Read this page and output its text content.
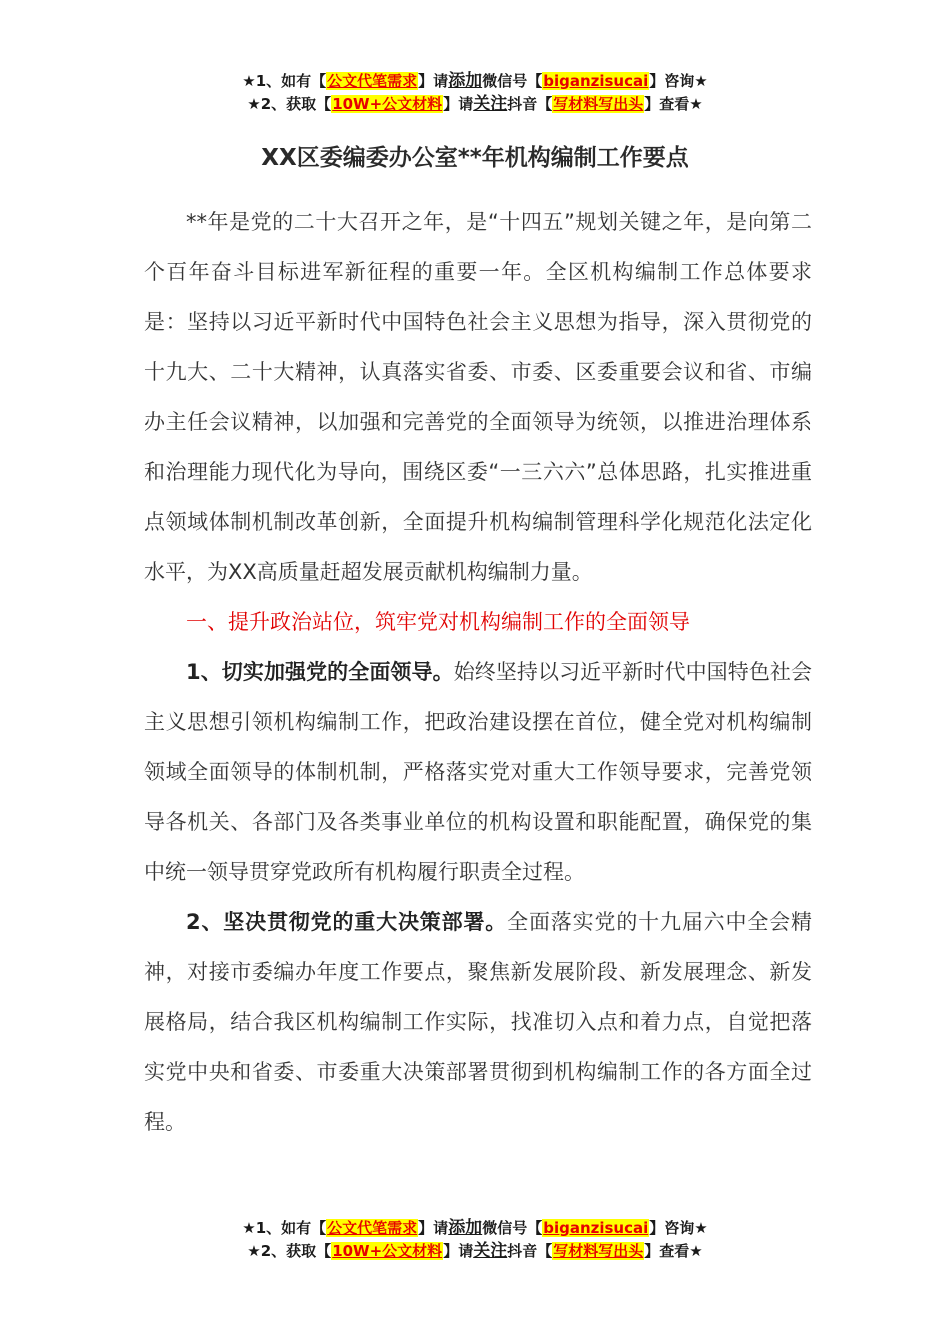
★1、如有【公文代笔需求】请添加微信号【biganzisucai】咨询★
★2、获取【10W+公文材料】请关注抖音【写材料写出头】查看★
XX区委编委办公室**年机构编制工作要点

**年是党的二十大召开之年，是“十四五”规划关键之年，是向第二个百年奋斗目标进军新征程的重要一年。全区机构编制工作总体要求是：坚持以习近平新时代中国特色社会主义思想为指导，深入贯彻党的十九大、二十大精神，认真落实省委、市委、区委重要会议和省、市编办主任会议精神，以加强和完善党的全面领导为统领，以推进治理体系和治理能力现代化为导向，围绕区委“一三六六”总体思路，扎实推进重点领域体制机制改革创新，全面提升机构编制管理科学化规范化法定化水平，为XX高质量赶超发展贡献机构编制力量。

一、提升政治站位，筑牢党对机构编制工作的全面领导

1、切实加强党的全面领导。始终坚持以习近平新时代中国特色社会主义思想引领机构编制工作，把政治建设摆在首位，健全党对机构编制领域全面领导的体制机制，严格落实党对重大工作领导要求，完善党领导各机关、各部门及各类事业单位的机构设置和职能配置，确保党的集中统一领导贯穿党政所有机构履行职责全过程。

2、坚决贯彻党的重大决策部署。全面落实党的十九届六中全会精神，对接市委编办年度工作要点，聚焦新发展阶段、新发展理念、新发展格局，结合我区机构编制工作实际，找准切入点和着力点，自觉把落实党中央和省委、市委重大决策部署贯彻到机构编制工作的各方面全过程。

★1、如有【公文代笔需求】请添加微信号【biganzisucai】咨询★
★2、获取【10W+公文材料】请关注抖音【写材料写出头】查看★
